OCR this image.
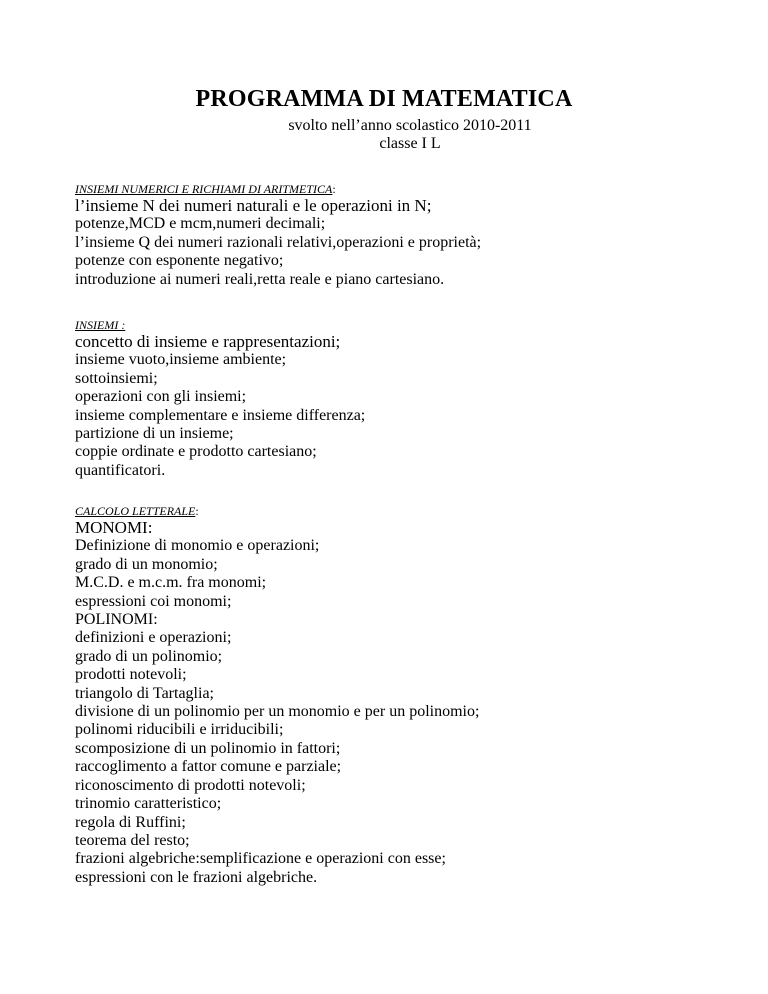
PROGRAMMA DI MATEMATICA

svolto nell’anno scolastico 2010-2011

classe I L

INSIEMI NUMERICI E RICHIAMI DI ARITMETICA:
l’insieme N dei numeri naturali e le operazioni in N;
potenze,MCD e mcm,numeri decimali;
l’insieme Q dei numeri razionali relativi,operazioni e proprietà;
potenze con esponente negativo;
introduzione ai numeri reali,retta reale e piano cartesiano.
INSIEMI :
concetto di insieme e rappresentazioni;
insieme vuoto,insieme ambiente;
sottoinsiemi;
operazioni con gli insiemi;
insieme complementare e insieme differenza;
partizione di un insieme;
coppie ordinate e prodotto cartesiano;
quantificatori.
CALCOLO LETTERALE:
MONOMI:
Definizione di monomio e operazioni;
grado di un monomio;
M.C.D. e m.c.m. fra monomi;
espressioni coi monomi;
POLINOMI:
definizioni e operazioni;
grado di un polinomio;
prodotti notevoli;
triangolo di Tartaglia;
divisione di un polinomio per un monomio e per un polinomio;
polinomi riducibili e irriducibili;
scomposizione di un polinomio in fattori;
raccoglimento a fattor comune e parziale;
riconoscimento di prodotti notevoli;
trinomio caratteristico;
regola di Ruffini;
teorema del resto;
frazioni algebriche:semplificazione e operazioni con esse;
espressioni con le frazioni algebriche.
